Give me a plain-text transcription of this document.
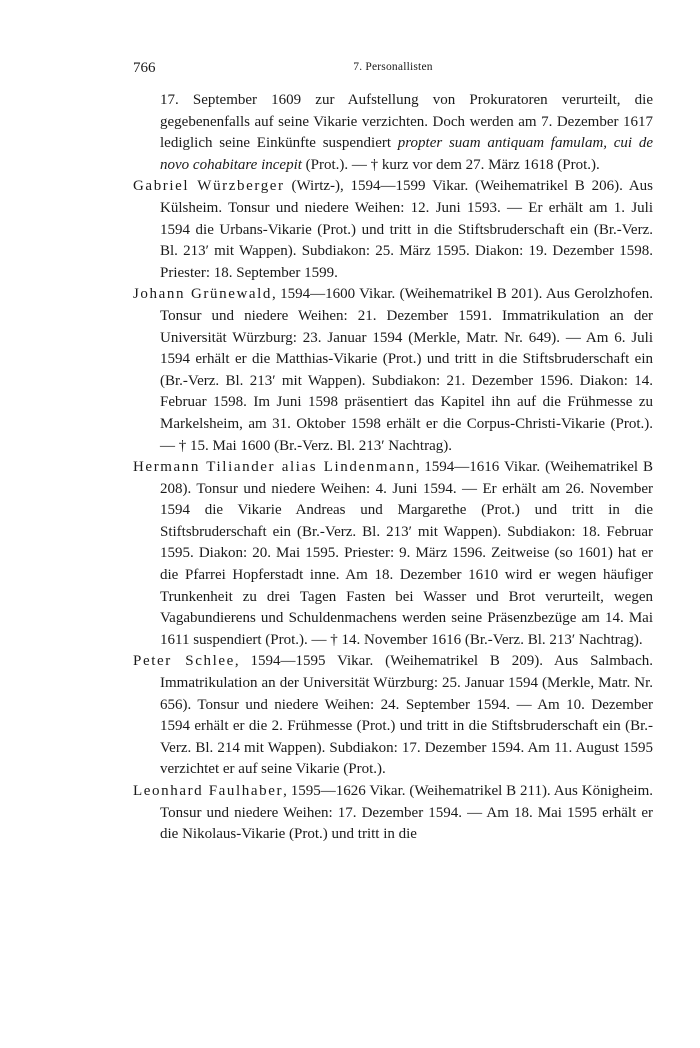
766	7. Personallisten

17. September 1609 zur Aufstellung von Prokuratoren verurteilt, die gegebenenfalls auf seine Vikarie verzichten. Doch werden am 7. Dezember 1617 lediglich seine Einkünfte suspendiert propter suam antiquam famulam, cui de novo cohabitare incepit (Prot.). — † kurz vor dem 27. März 1618 (Prot.).

Gabriel Würzberger (Wirtz-), 1594—1599 Vikar. (Weihematrikel B 206). Aus Külsheim. Tonsur und niedere Weihen: 12. Juni 1593. — Er erhält am 1. Juli 1594 die Urbans-Vikarie (Prot.) und tritt in die Stiftsbruderschaft ein (Br.-Verz. Bl. 213′ mit Wappen). Subdiakon: 25. März 1595. Diakon: 19. Dezember 1598. Priester: 18. September 1599.

Johann Grünewald, 1594—1600 Vikar. (Weihematrikel B 201). Aus Gerolzhofen. Tonsur und niedere Weihen: 21. Dezember 1591. Immatrikulation an der Universität Würzburg: 23. Januar 1594 (Merkle, Matr. Nr. 649). — Am 6. Juli 1594 erhält er die Matthias-Vikarie (Prot.) und tritt in die Stiftsbruderschaft ein (Br.-Verz. Bl. 213′ mit Wappen). Subdiakon: 21. Dezember 1596. Diakon: 14. Februar 1598. Im Juni 1598 präsentiert das Kapitel ihn auf die Frühmesse zu Markelsheim, am 31. Oktober 1598 erhält er die Corpus-Christi-Vikarie (Prot.). — † 15. Mai 1600 (Br.-Verz. Bl. 213′ Nachtrag).

Hermann Tiliander alias Lindenmann, 1594—1616 Vikar. (Weihematrikel B 208). Tonsur und niedere Weihen: 4. Juni 1594. — Er erhält am 26. November 1594 die Vikarie Andreas und Margarethe (Prot.) und tritt in die Stiftsbruderschaft ein (Br.-Verz. Bl. 213′ mit Wappen). Subdiakon: 18. Februar 1595. Diakon: 20. Mai 1595. Priester: 9. März 1596. Zeitweise (so 1601) hat er die Pfarrei Hopferstadt inne. Am 18. Dezember 1610 wird er wegen häufiger Trunkenheit zu drei Tagen Fasten bei Wasser und Brot verurteilt, wegen Vagabundierens und Schuldenmachens werden seine Präsenzbezüge am 14. Mai 1611 suspendiert (Prot.). — † 14. November 1616 (Br.-Verz. Bl. 213′ Nachtrag).

Peter Schlee, 1594—1595 Vikar. (Weihematrikel B 209). Aus Salmbach. Immatrikulation an der Universität Würzburg: 25. Januar 1594 (Merkle, Matr. Nr. 656). Tonsur und niedere Weihen: 24. September 1594. — Am 10. Dezember 1594 erhält er die 2. Frühmesse (Prot.) und tritt in die Stiftsbruderschaft ein (Br.-Verz. Bl. 214 mit Wappen). Subdiakon: 17. Dezember 1594. Am 11. August 1595 verzichtet er auf seine Vikarie (Prot.).

Leonhard Faulhaber, 1595—1626 Vikar. (Weihematrikel B 211). Aus Königheim. Tonsur und niedere Weihen: 17. Dezember 1594. — Am 18. Mai 1595 erhält er die Nikolaus-Vikarie (Prot.) und tritt in die
